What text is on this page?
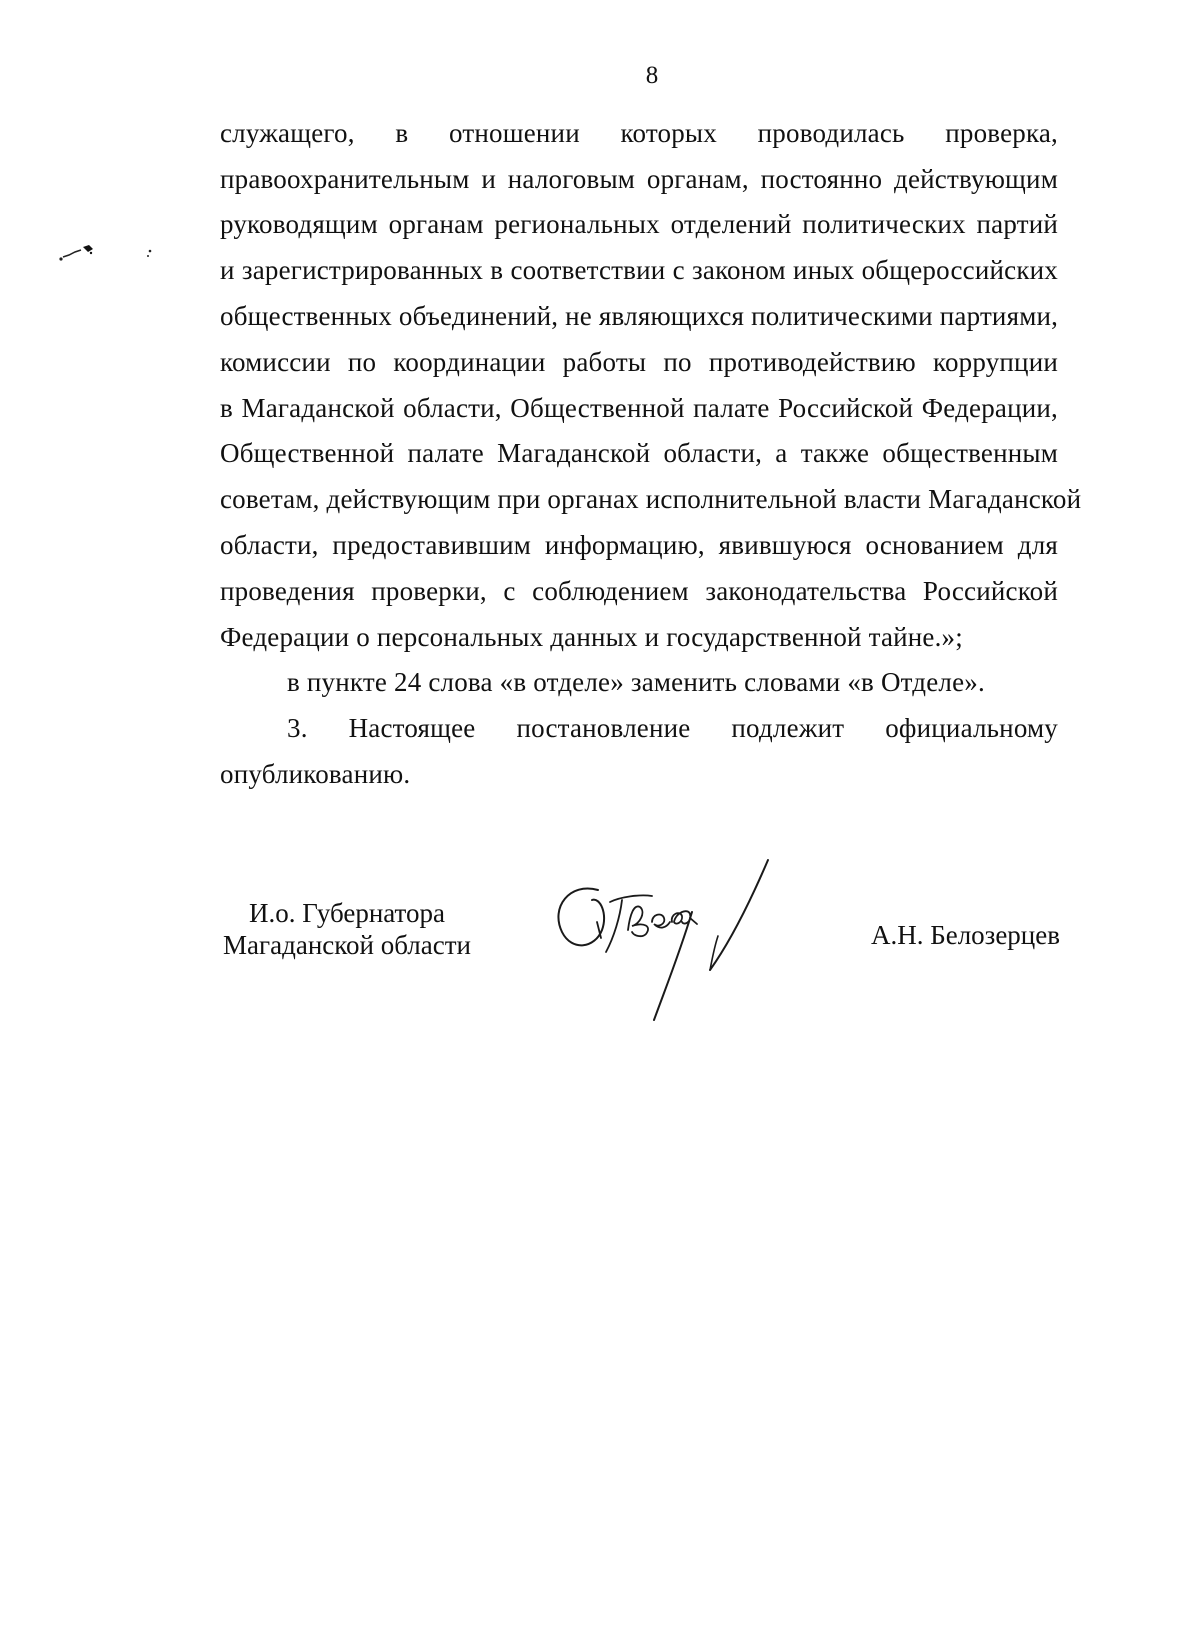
8
служащего, в отношении которых проводилась проверка,
правоохранительным и налоговым органам, постоянно действующим
руководящим органам региональных отделений политических партий
и зарегистрированных в соответствии с законом иных общероссийских
общественных объединений, не являющихся политическими партиями,
комиссии по координации работы по противодействию коррупции
в Магаданской области, Общественной палате Российской Федерации,
Общественной палате Магаданской области, а также общественным
советам, действующим при органах исполнительной власти Магаданской
области, предоставившим информацию, явившуюся основанием для
проведения проверки, с соблюдением законодательства Российской
Федерации о персональных данных и государственной тайне.»;
в пункте 24 слова «в отделе» заменить словами «в Отделе».
3. Настоящее постановление подлежит официальному
опубликованию.
И.о. Губернатора
Магаданской области	А.Н. Белозерцев
